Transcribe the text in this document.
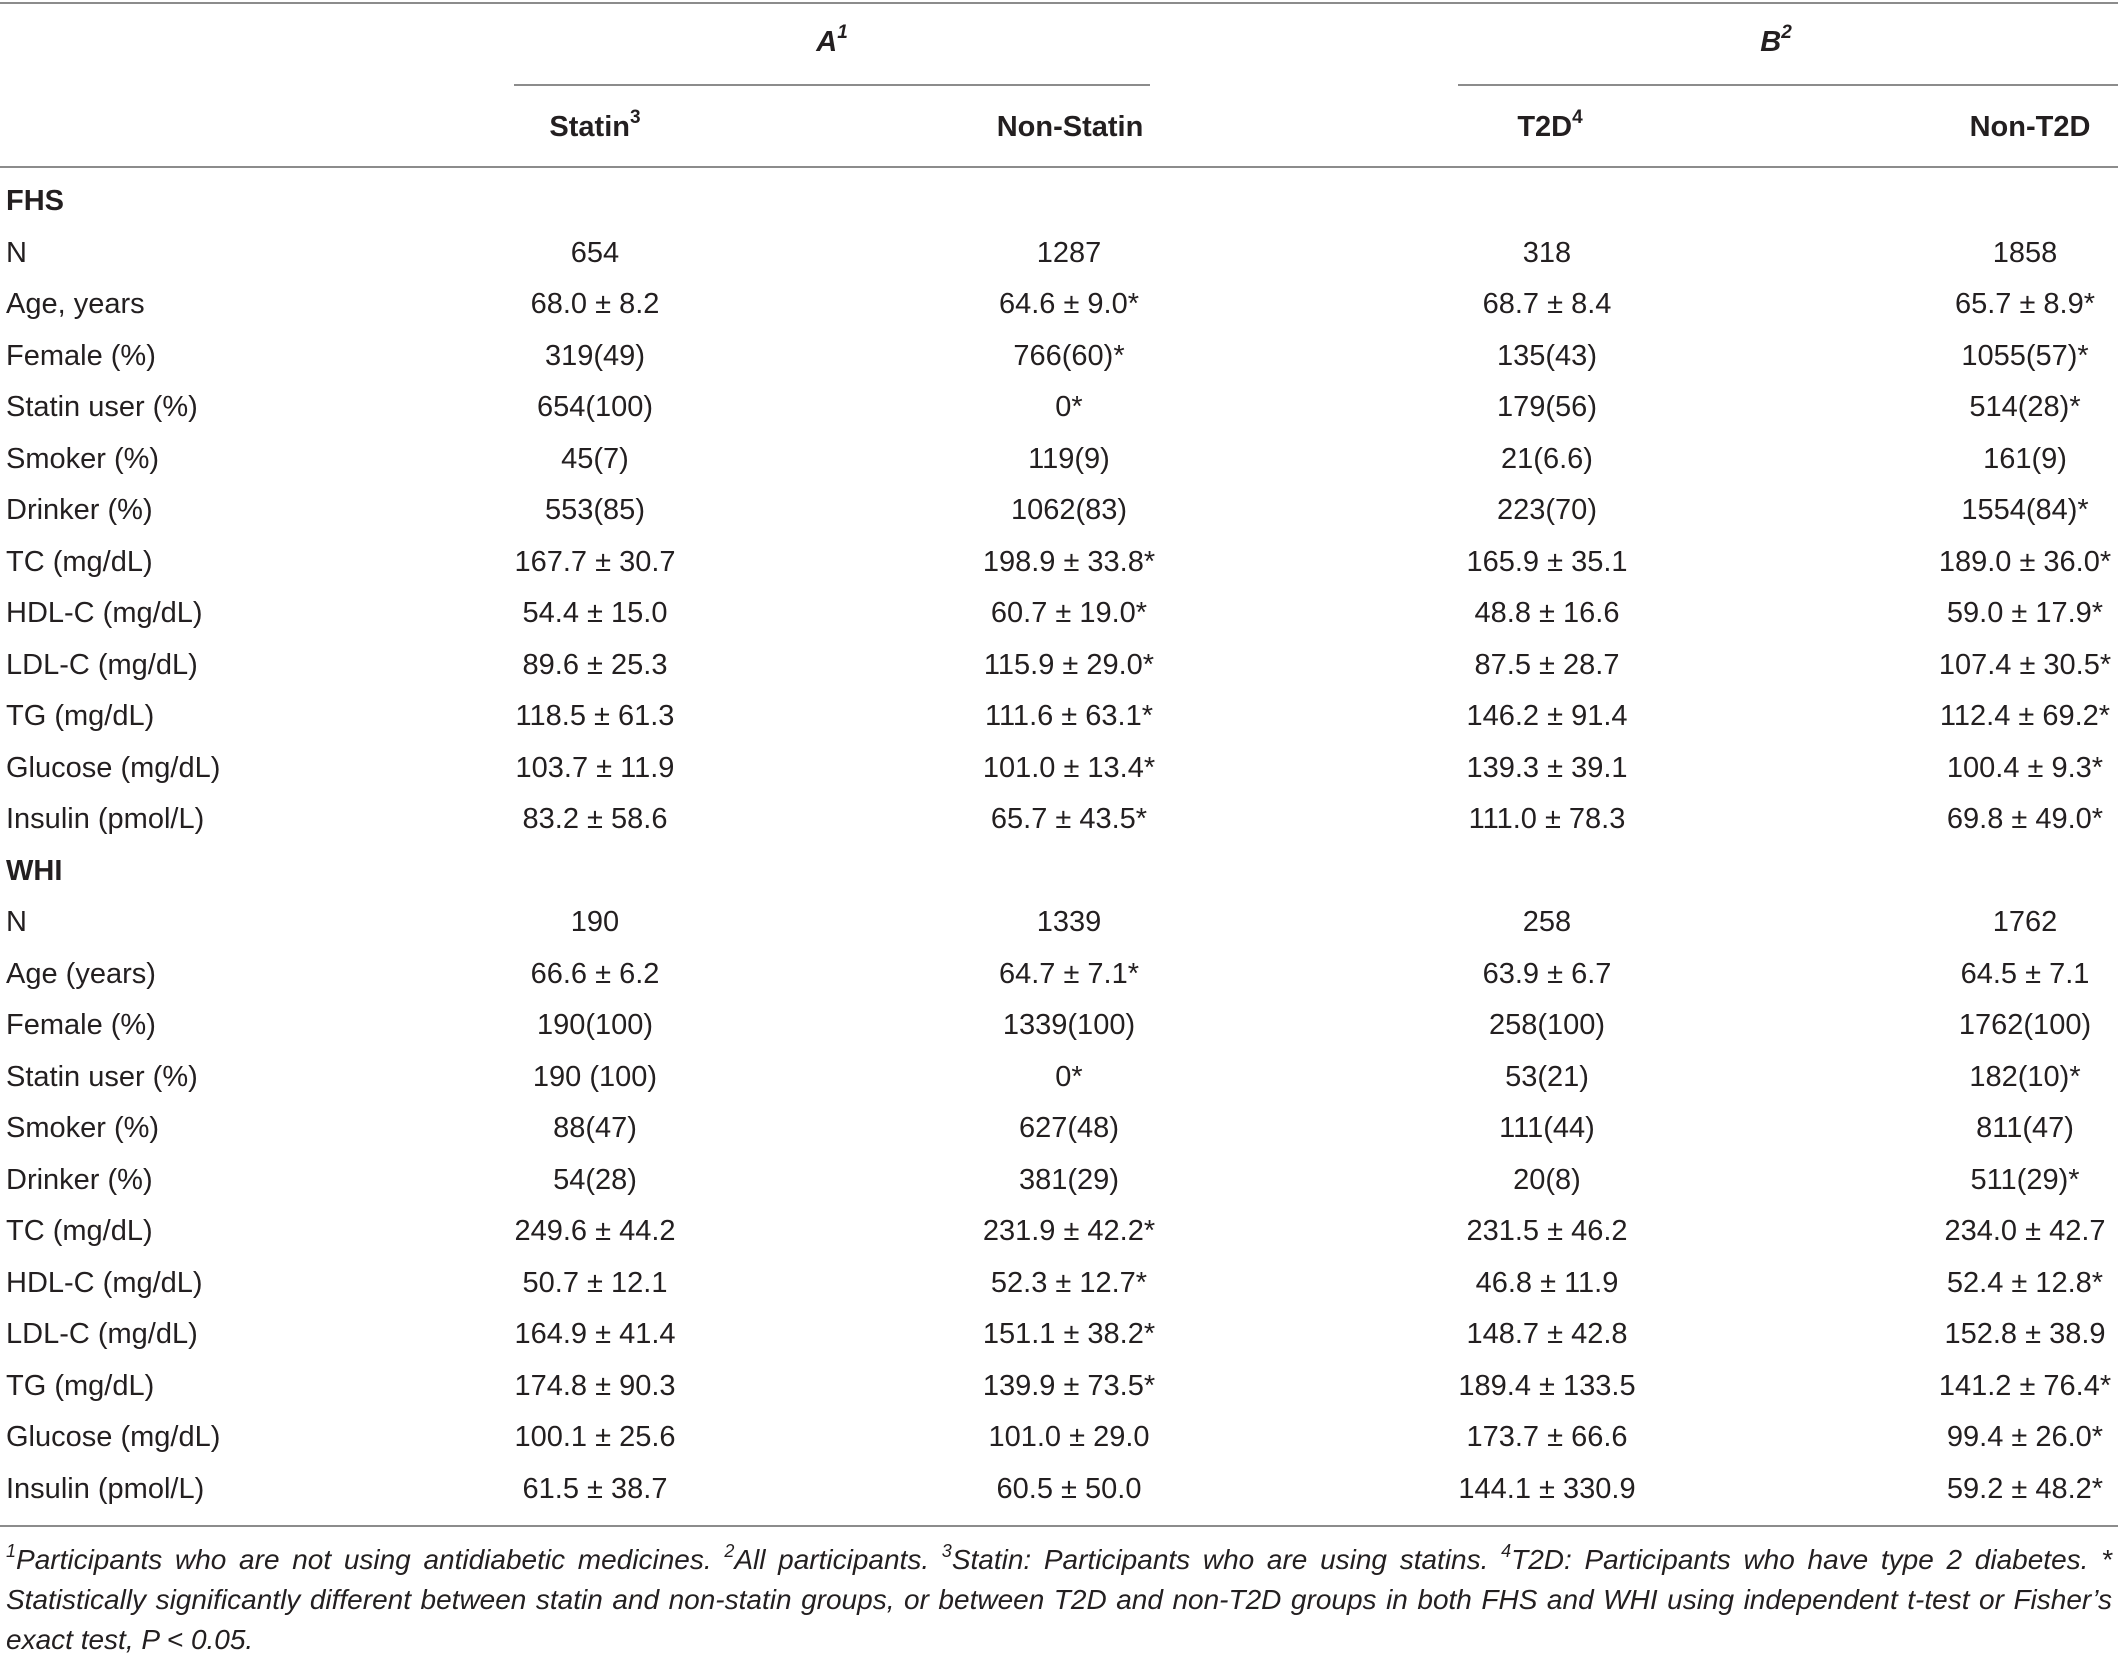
$A^1$	$B^2$
Statin$^3$	Non-Statin	$T2D^4$	Non-T2D
FHS
N	654	1287	318	1858
Age, years	68.0 ± 8.2	64.6 ± 9.0*	68.7 ± 8.4	65.7 ± 8.9*
Female (%)	319(49)	766(60)*	135(43)	1055(57)*
Statin user (%)	654(100)	0*	179(56)	514(28)*
Smoker (%)	45(7)	119(9)	21(6.6)	161(9)
Drinker (%)	553(85)	1062(83)	223(70)	1554(84)*
TC (mg/dL)	167.7 ± 30.7	198.9 ± 33.8*	165.9 ± 35.1	189.0 ± 36.0*
HDL-C (mg/dL)	54.4 ± 15.0	60.7 ± 19.0*	48.8 ± 16.6	59.0 ± 17.9*
LDL-C (mg/dL)	89.6 ± 25.3	115.9 ± 29.0*	87.5 ± 28.7	107.4 ± 30.5*
TG (mg/dL)	118.5 ± 61.3	111.6 ± 63.1*	146.2 ± 91.4	112.4 ± 69.2*
Glucose (mg/dL)	103.7 ± 11.9	101.0 ± 13.4*	139.3 ± 39.1	100.4 ± 9.3*
Insulin (pmol/L)	83.2 ± 58.6	65.7 ± 43.5*	111.0 ± 78.3	69.8 ± 49.0*
WHI
N	190	1339	258	1762
Age (years)	66.6 ± 6.2	64.7 ± 7.1*	63.9 ± 6.7	64.5 ± 7.1
Female (%)	190(100)	1339(100)	258(100)	1762(100)
Statin user (%)	190 (100)	0*	53(21)	182(10)*
Smoker (%)	88(47)	627(48)	111(44)	811(47)
Drinker (%)	54(28)	381(29)	20(8)	511(29)*
TC (mg/dL)	249.6 ± 44.2	231.9 ± 42.2*	231.5 ± 46.2	234.0 ± 42.7
HDL-C (mg/dL)	50.7 ± 12.1	52.3 ± 12.7*	46.8 ± 11.9	52.4 ± 12.8*
LDL-C (mg/dL)	164.9 ± 41.4	151.1 ± 38.2*	148.7 ± 42.8	152.8 ± 38.9
TG (mg/dL)	174.8 ± 90.3	139.9 ± 73.5*	189.4 ± 133.5	141.2 ± 76.4*
Glucose (mg/dL)	100.1 ± 25.6	101.0 ± 29.0	173.7 ± 66.6	99.4 ± 26.0*
Insulin (pmol/L)	61.5 ± 38.7	60.5 ± 50.0	144.1 ± 330.9	59.2 ± 48.2*
$^1$Participants who are not using antidiabetic medicines. $^2$All participants. $^3$Statin: Participants who are using statins. $^4$T2D: Participants who have type 2 diabetes. * Statistically significantly different between statin and non-statin groups, or between T2D and non-T2D groups in both FHS and WHI using independent t-test or Fisher’s exact test, P < 0.05.
